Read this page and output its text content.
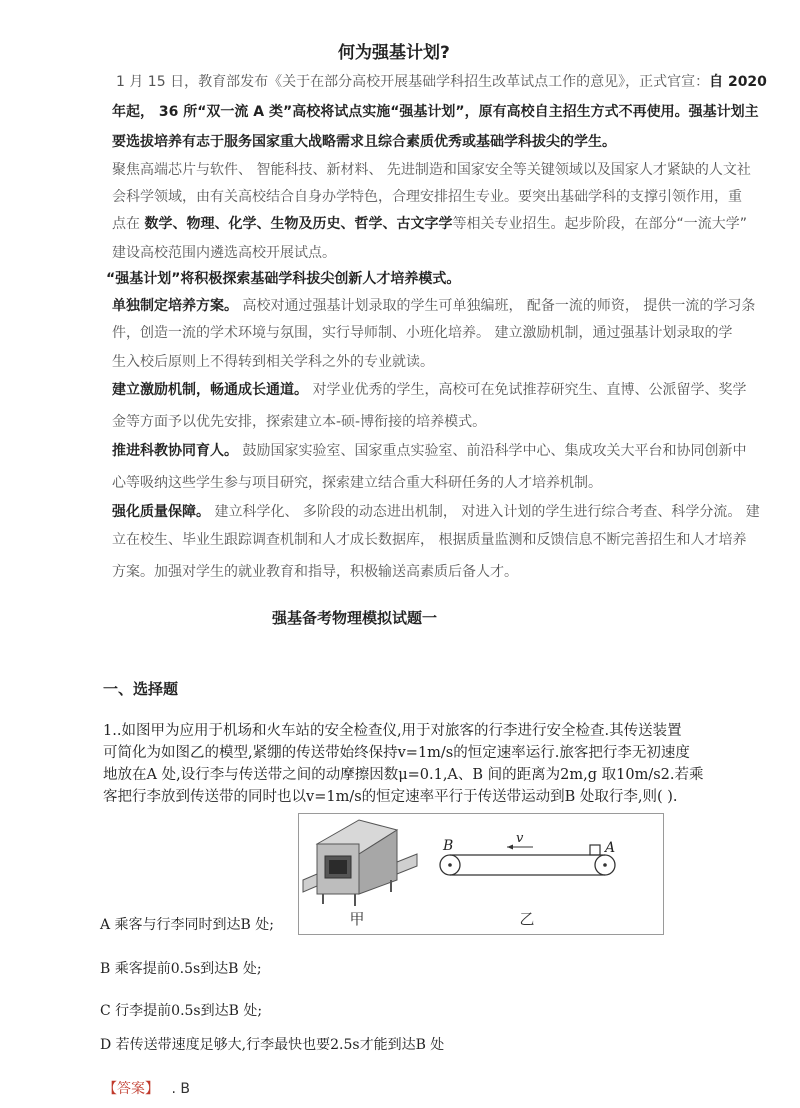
何为强基计划?
1 月 15 日，教育部发布《关于在部分高校开展基础学科招生改革试点工作的意见》，正式官宣：自 2020
年起， 36 所“双一流 A 类”高校将试点实施“强基计划”，原有高校自主招生方式不再使用。强基计划主
要选拔培养有志于服务国家重大战略需求且综合素质优秀或基础学科拔尖的学生。
聚焦高端芯片与软件、 智能科技、新材料、 先进制造和国家安全等关键领域以及国家人才紧缺的人文社
会科学领域，由有关高校结合自身办学特色，合理安排招生专业。要突出基础学科的支撑引领作用，重
点在 数学、物理、化学、生物及历史、哲学、古文字学等相关专业招生。起步阶段，在部分“一流大学”
建设高校范围内遴选高校开展试点。
“强基计划”将积极探索基础学科拔尖创新人才培养模式。
单独制定培养方案。 高校对通过强基计划录取的学生可单独编班， 配备一流的师资， 提供一流的学习条
件，创造一流的学术环境与氛围，实行导师制、小班化培养。 建立激励机制，通过强基计划录取的学
生入校后原则上不得转到相关学科之外的专业就读。
建立激励机制，畅通成长通道。 对学业优秀的学生，高校可在免试推荐研究生、直博、公派留学、奖学
金等方面予以优先安排，探索建立本-硕-博衔接的培养模式。
推进科教协同育人。 鼓励国家实验室、国家重点实验室、前沿科学中心、集成攻关大平台和协同创新中
心等吸纳这些学生参与项目研究，探索建立结合重大科研任务的人才培养机制。
强化质量保障。 建立科学化、 多阶段的动态进出机制， 对进入计划的学生进行综合考查、科学分流。 建
立在校生、毕业生跟踪调查机制和人才成长数据库， 根据质量监测和反馈信息不断完善招生和人才培养
方案。加强对学生的就业教育和指导，积极输送高素质后备人才。
强基备考物理模拟试题一
一、选择题
1..如图甲为应用于机场和火车站的安全检查仪,用于对旅客的行李进行安全检查.其传送装置
可简化为如图乙的模型,紧绷的传送带始终保持v=1m/s的恒定速率运行.旅客把行李无初速度
地放在A 处,设行李与传送带之间的动摩擦因数μ=0.1,A、B 间的距离为2m,g 取10m/s2.若乘
客把行李放到传送带的同时也以v=1m/s的恒定速率平行于传送带运动到B 处取行李,则( ).
甲
B	A
v
乙
A 乘客与行李同时到达B 处;
B 乘客提前0.5s到达B 处;
C 行李提前0.5s到达B 处;
D 若传送带速度足够大,行李最快也要2.5s才能到达B 处
【答案】 . B
